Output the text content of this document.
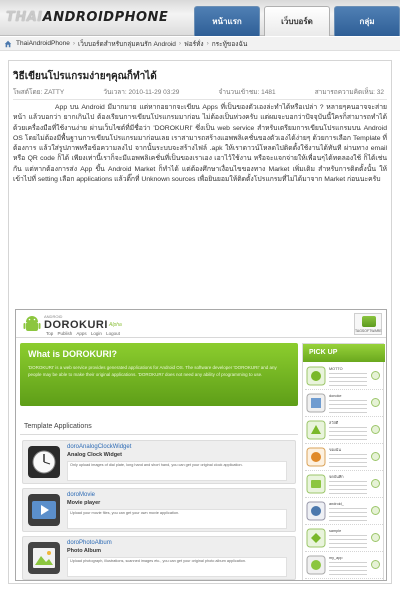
THAIANDROIDPHONE	หน้าแรก	เว็บบอร์ด	กลุ่ม
ThaiAndroidPhone › เว็บบอร์ดสำหรับกลุ่มคนรัก Android › ฟอร์ทั่ง › กระทู้ของฉัน
วิธีเขียนโปรแกรมง่ายๆคุณก็ทำได้
โพสต์โดย: ZATTY	วันเวลา: 2010-11-29 03:29	จำนวนเข้าชม: 1481	สามารถความคิดเห็น: 32

App บน Android มีมากมาย แต่หากอยากจะเขียน Apps ที่เป็นของตัวเองล่ะทำได้หรือเปล่า ? หลายๆคนอาจจะส่ายหน้า แล้วบอกว่า ยากเกินไป ต้องเรียนการเขียนโปรแกรมมาก่อน ไม่ต้องเป็นห่วงครับ แต่ผมจะบอกว่าปัจจุบันนี้ใครก็สามารถทำได้ด้วยเครื่องมือที่ใช้งานง่าย ผ่านเว็บไซต์ที่มีชื่อว่า 'DOROKURI' ซึ่งเป็น web service สำหรับเตรียมการเขียนโปรแกรมบน Android OS โดยไม่ต้องมีพื้นฐานการเขียนโปรแกรมมาก่อนเลย เราสามารถสร้างแอพพลิเคชั่นของตัวเองได้ง่ายๆ ด้วยการเลือก Template ที่ต้องการ แล้วใส่รูปภาพหรือข้อความลงไป จากนั้นระบบจะสร้างไฟล์ .apk ให้เราดาวน์โหลดไปติดตั้งใช้งานได้ทันที ผ่านทาง email หรือ QR code ก็ได้ เพียงเท่านี้เราก็จะมีแอพพลิเคชั่นที่เป็นของเราเอง เอาไว้ใช้งาน หรือจะแจกจ่ายให้เพื่อนๆได้ทดลองใช้ ก็ได้เช่นกัน แต่หากต้องการส่ง App ขึ้น Android Market ก็ทำได้ แต่ต้องศึกษาเงื่อนไขของทาง Market เพิ่มเติม สำหรับการติดตั้งนั้น ให้เข้าไปที่ setting เลือก applications แล้วติ๊กที่ Unknown sources เพื่อยินยอมให้ติดตั้งโปรแกรมที่ไม่ได้มาจาก Market ก่อนนะครับ

ANDROID
DOROKURI Alpha
Top Publish Apps Login Logout	TAGSOFTWARE
What is DOROKURI?
'DOROKURI' is a web service provides generated applications for Android OS. The software developer 'DOROKURI' and any people may be able to make their original applications. 'DOROKURI' does not need any ability of programming to use.
PICK UP
MOTTO
donoke
สวัสดี
ของฉัน
จดบันทึก
android_
sample
my_app
Template Applications
doroAnalogClockWidget
Analog Clock Widget
Only upload images of dial plate, long hand and short hand, you can get your original clock application.
doroMovie
Movie player
Upload your movie files, you can get your own movie application.
doroPhotoAlbum
Photo Album
Upload photograph, illustrations, scanned images etc., you can get your original photo album application.
